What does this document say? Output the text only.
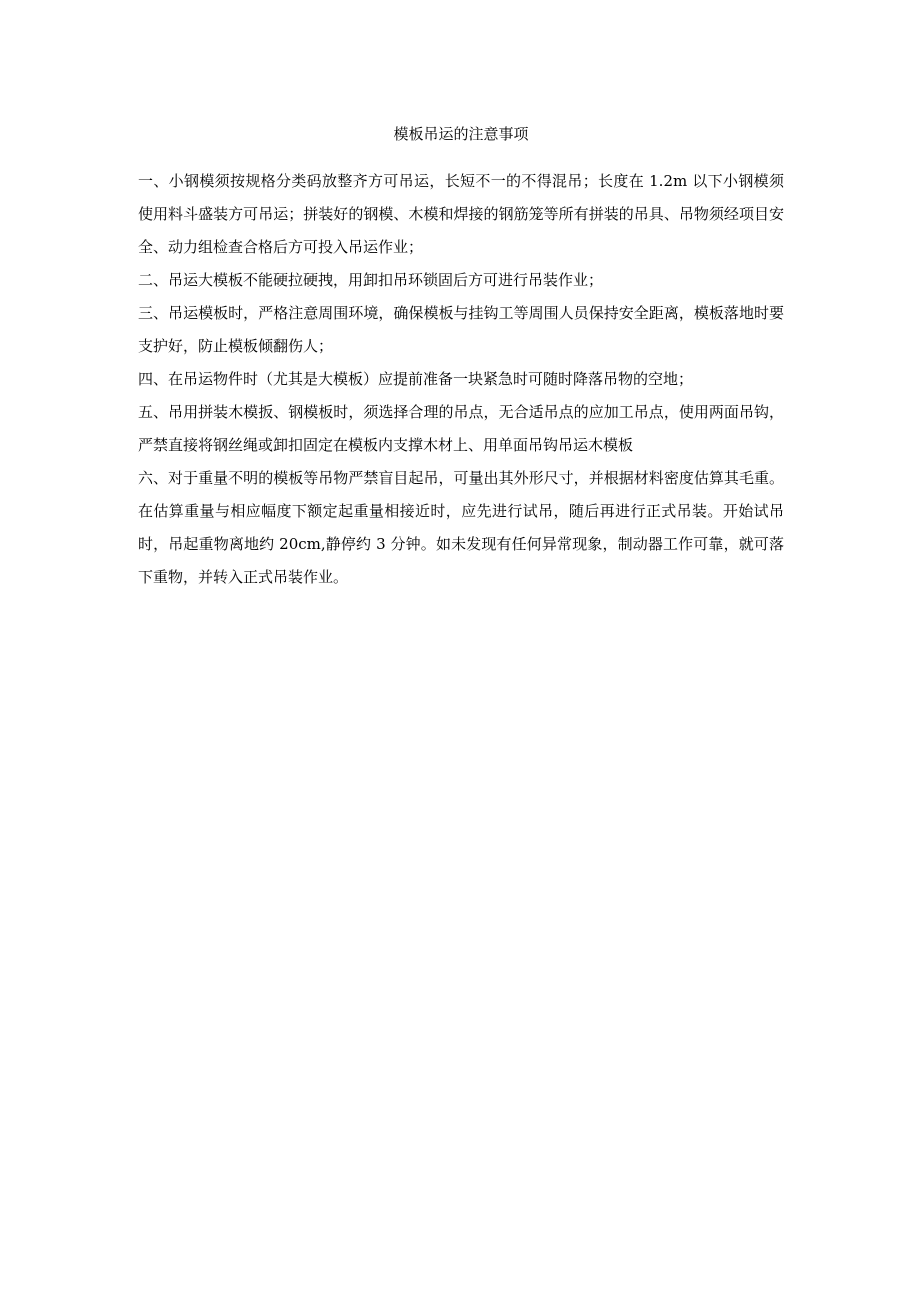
模板吊运的注意事项

一、小钢模须按规格分类码放整齐方可吊运，长短不一的不得混吊；长度在 1.2m 以下小钢模须使用料斗盛装方可吊运；拼装好的钢模、木模和焊接的钢筋笼等所有拼装的吊具、吊物须经项目安全、动力组检查合格后方可投入吊运作业；

二、吊运大模板不能硬拉硬拽，用卸扣吊环锁固后方可进行吊装作业；

三、吊运模板时，严格注意周围环境，确保模板与挂钩工等周围人员保持安全距离，模板落地时要支护好，防止模板倾翻伤人；

四、在吊运物件时（尤其是大模板）应提前准备一块紧急时可随时降落吊物的空地；

五、吊用拼装木模扳、钢模板时，须选择合理的吊点，无合适吊点的应加工吊点，使用两面吊钩，严禁直接将钢丝绳或卸扣固定在模板内支撑木材上、用单面吊钩吊运木模板

六、对于重量不明的模板等吊物严禁盲目起吊，可量出其外形尺寸，并根据材料密度估算其毛重。在估算重量与相应幅度下额定起重量相接近时，应先进行试吊，随后再进行正式吊装。开始试吊时，吊起重物离地约 20cm,静停约 3 分钟。如未发现有任何异常现象，制动器工作可靠，就可落下重物，并转入正式吊装作业。
